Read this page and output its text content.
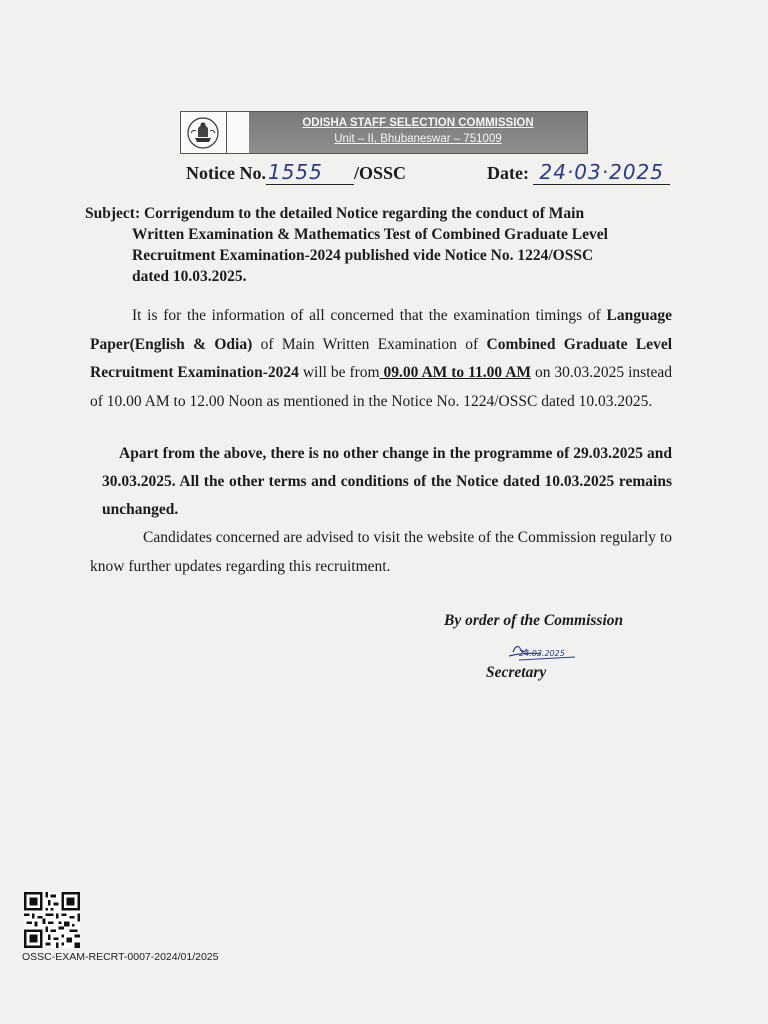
ODISHA STAFF SELECTION COMMISSION
Unit – II, Bhubaneswar – 751009
Notice No. 1555 /OSSC	Date: 24·03·2025
Subject: Corrigendum to the detailed Notice regarding the conduct of Main
Written Examination & Mathematics Test of Combined Graduate Level
Recruitment Examination-2024 published vide Notice No. 1224/OSSC
dated 10.03.2025.
It is for the information of all concerned that the examination timings of Language Paper(English & Odia) of Main Written Examination of Combined Graduate Level Recruitment Examination-2024 will be from 09.00 AM to 11.00 AM on 30.03.2025 instead of 10.00 AM to 12.00 Noon as mentioned in the Notice No. 1224/OSSC dated 10.03.2025.
Apart from the above, there is no other change in the programme of 29.03.2025 and 30.03.2025. All the other terms and conditions of the Notice dated 10.03.2025 remains unchanged.
Candidates concerned are advised to visit the website of the Commission regularly to know further updates regarding this recruitment.
By order of the Commission
24.03.2025
Secretary
OSSC-EXAM-RECRT-0007-2024/01/2025
